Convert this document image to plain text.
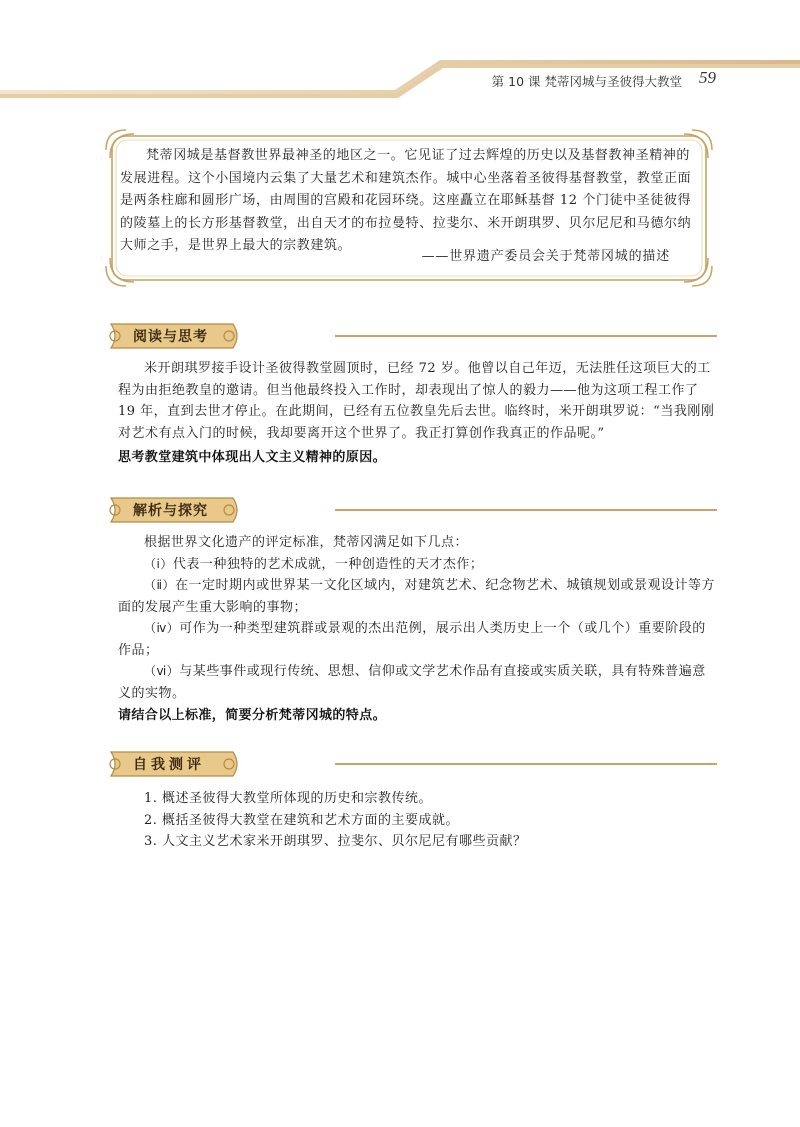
第 10 课 梵蒂冈城与圣彼得大教堂 59

梵蒂冈城是基督教世界最神圣的地区之一。它见证了过去辉煌的历史以及基督教神圣精神的发展进程。这个小国境内云集了大量艺术和建筑杰作。城中心坐落着圣彼得基督教堂，教堂正面是两条柱廊和圆形广场，由周围的宫殿和花园环绕。这座矗立在耶稣基督 12 个门徒中圣徒彼得的陵墓上的长方形基督教堂，出自天才的布拉曼特、拉斐尔、米开朗琪罗、贝尔尼尼和马德尔纳大师之手，是世界上最大的宗教建筑。

——世界遗产委员会关于梵蒂冈城的描述
阅读与思考

米开朗琪罗接手设计圣彼得教堂圆顶时，已经 72 岁。他曾以自己年迈，无法胜任这项巨大的工程为由拒绝教皇的邀请。但当他最终投入工作时，却表现出了惊人的毅力——他为这项工程工作了 19 年，直到去世才停止。在此期间，已经有五位教皇先后去世。临终时，米开朗琪罗说：“当我刚刚对艺术有点入门的时候，我却要离开这个世界了。我正打算创作我真正的作品呢。”

思考教堂建筑中体现出人文主义精神的原因。

解析与探究
根据世界文化遗产的评定标准，梵蒂冈满足如下几点：
（ⅰ）代表一种独特的艺术成就，一种创造性的天才杰作；
（ⅱ）在一定时期内或世界某一文化区域内，对建筑艺术、纪念物艺术、城镇规划或景观设计等方面的发展产生重大影响的事物；
（ⅳ）可作为一种类型建筑群或景观的杰出范例，展示出人类历史上一个（或几个）重要阶段的作品；
（ⅵ）与某些事件或现行传统、思想、信仰或文学艺术作品有直接或实质关联，具有特殊普遍意义的实物。

请结合以上标准，简要分析梵蒂冈城的特点。

自我测评
1. 概述圣彼得大教堂所体现的历史和宗教传统。
2. 概括圣彼得大教堂在建筑和艺术方面的主要成就。
3. 人文主义艺术家米开朗琪罗、拉斐尔、贝尔尼尼有哪些贡献？
